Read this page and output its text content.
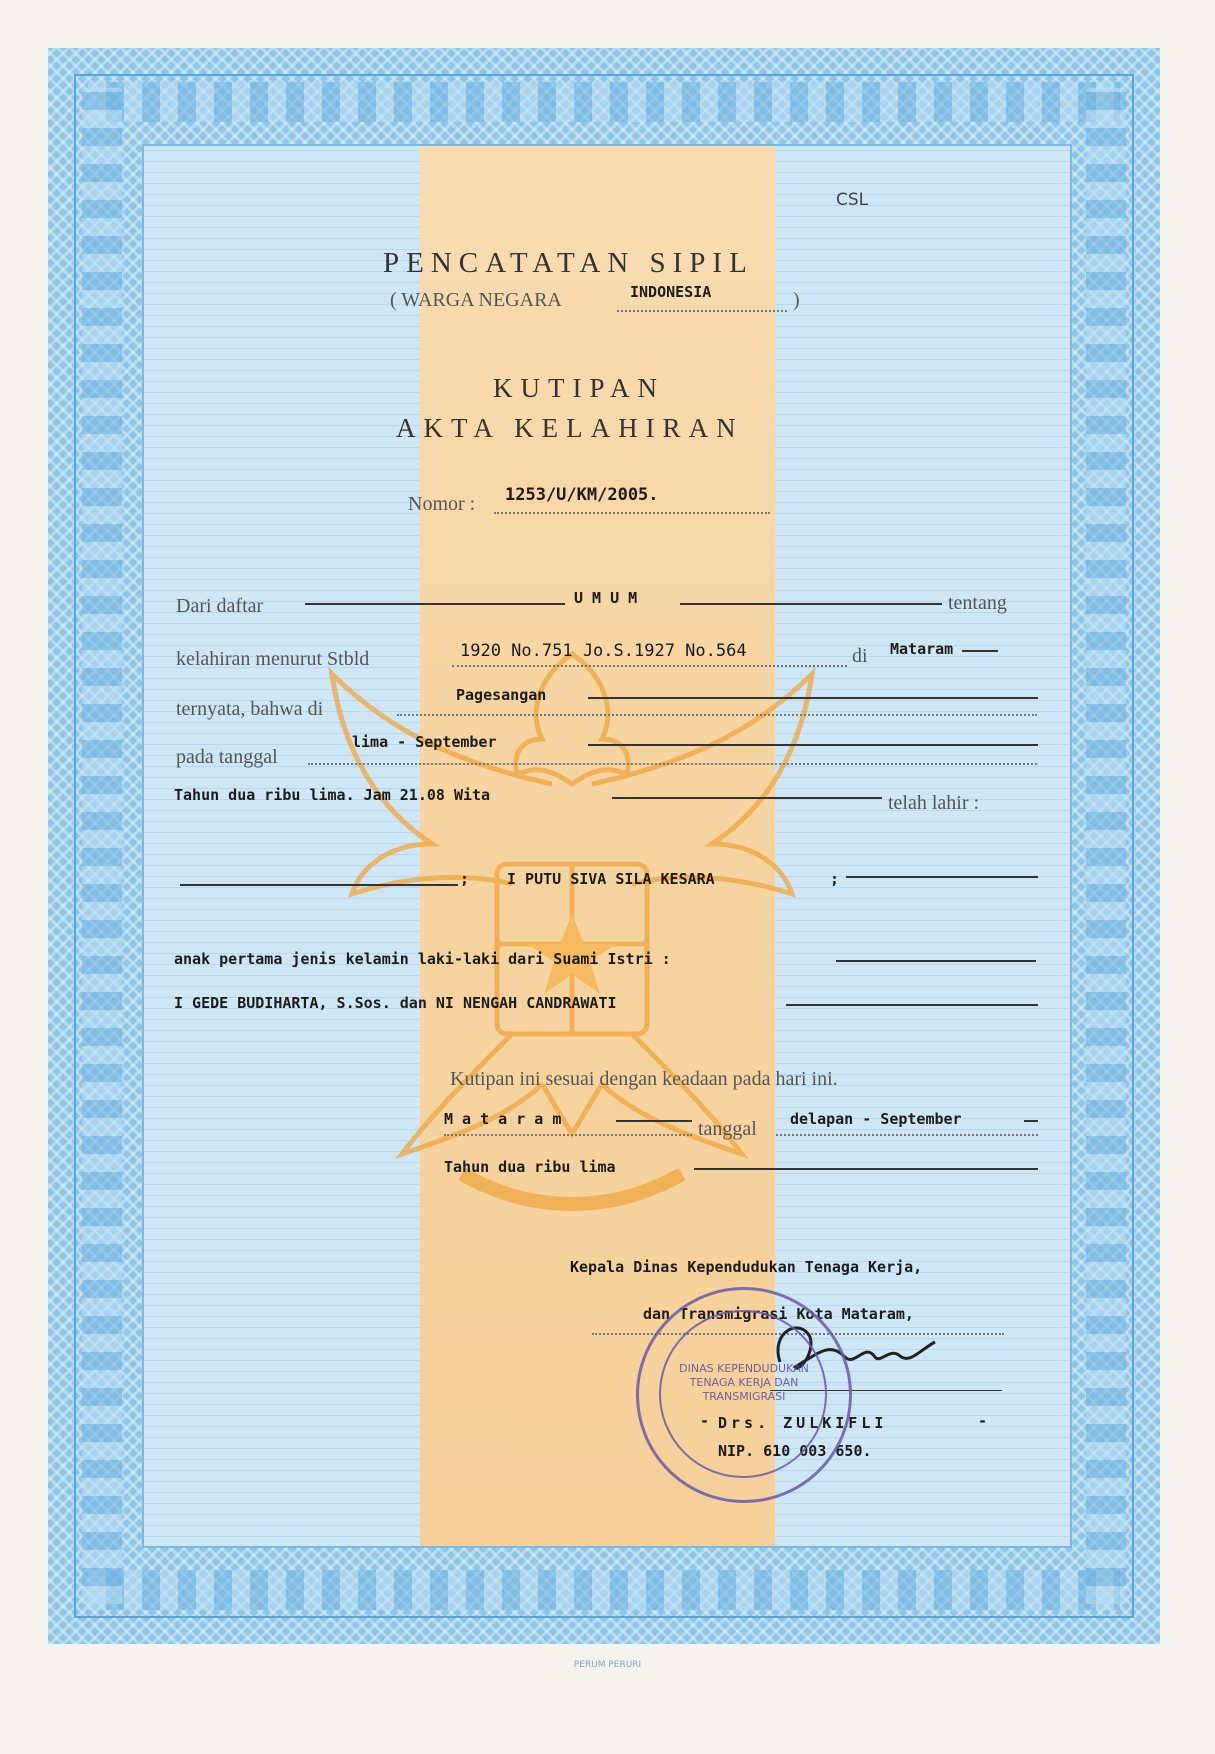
CSL
PENCATATAN SIPIL
( WARGA NEGARA	INDONESIA	)
KUTIPAN
AKTA KELAHIRAN
Nomor : 1253/U/KM/2005.
Dari daftar	U M U M	tentang
kelahiran menurut Stbld	1920 No.751 Jo.S.1927 No.564	di Mataram
ternyata, bahwa di
Pagesangan
pada tanggal
lima - September
Tahun dua ribu lima. Jam 21.08 Wita	telah lahir :
;	I PUTU SIVA SILA KESARA	;
anak pertama jenis kelamin laki-laki dari Suami Istri :
I GEDE BUDIHARTA, S.Sos. dan NI NENGAH CANDRAWATI
Kutipan ini sesuai dengan keadaan pada hari ini.
M a t a r a m	tanggal delapan - September
Tahun dua ribu lima
Kepala Dinas Kependudukan Tenaga Kerja,
dan Transmigrasi Kota Mataram,
- Drs. ZULKIFLI	-
NIP. 610 003 650.
DINAS KEPENDUDUKAN
TENAGA KERJA DAN
TRANSMIGRASI
PERUM PERURI
